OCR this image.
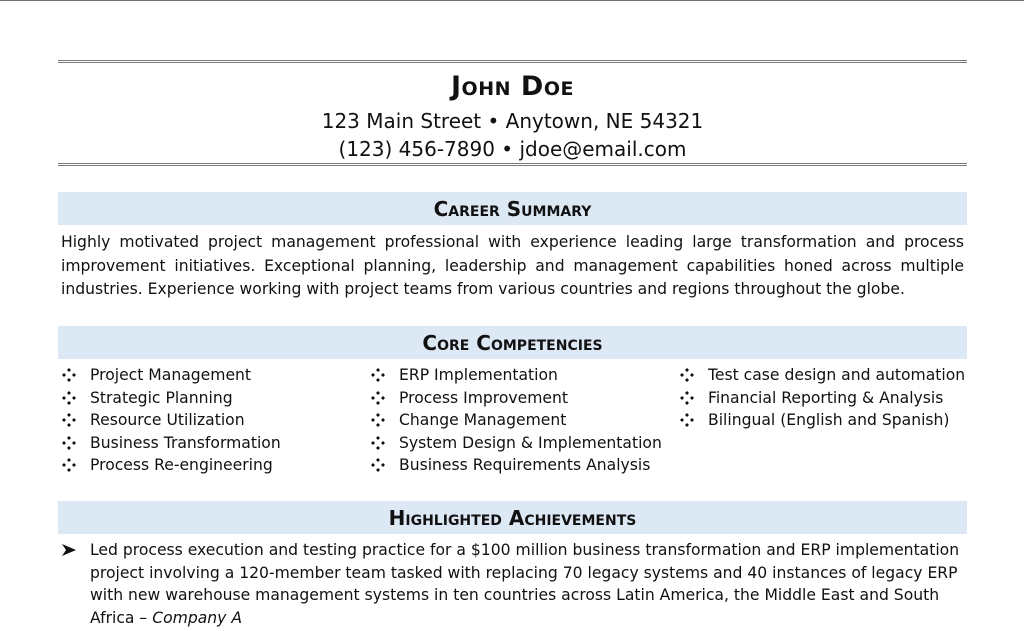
John Doe
123 Main Street • Anytown, NE 54321
(123) 456-7890 • jdoe@email.com
Career Summary

Highly motivated project management professional with experience leading large transformation and process improvement initiatives. Exceptional planning, leadership and management capabilities honed across multiple industries. Experience working with project teams from various countries and regions throughout the globe.

Core Competencies
Project Management
Strategic Planning
Resource Utilization
Business Transformation
Process Re-engineering
ERP Implementation
Process Improvement
Change Management
System Design & Implementation
Business Requirements Analysis
Test case design and automation
Financial Reporting & Analysis
Bilingual (English and Spanish)
Highlighted Achievements
Led process execution and testing practice for a $100 million business transformation and ERP implementation project involving a 120-member team tasked with replacing 70 legacy systems and 40 instances of legacy ERP with new warehouse management systems in ten countries across Latin America, the Middle East and South Africa – Company A
